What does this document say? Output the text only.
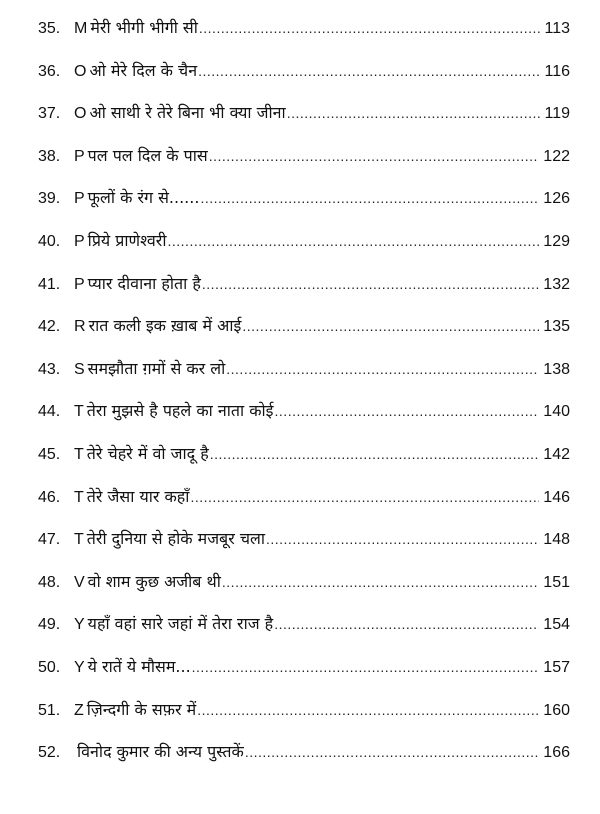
35. M मेरी भीगी भीगी सी .....	113
36. O ओ मेरे दिल के चैन .....	116
37. O ओ साथी रे तेरे बिना भी क्या जीना .....	119
38. P पल पल दिल के पास .....	122
39. P फूलों के रंग से...... .....	126
40. P प्रिये प्राणेश्वरी .....	129
41. P प्यार दीवाना होता है .....	132
42. R रात कली इक ख़ाब में आई .....	135
43. S समझौता ग़मों से कर लो .....	138
44. T तेरा मुझसे है पहले का नाता कोई .....	140
45. T तेरे चेहरे में वो जादू है .....	142
46. T तेरे जैसा यार कहाँ .....	146
47. T तेरी दुनिया से होके मजबूर चला .....	148
48. V वो शाम कुछ अजीब थी .....	151
49. Y यहाँ वहां सारे जहां में तेरा राज है .....	154
50. Y ये रातें ये मौसम... .....	157
51. Z ज़िन्दगी के सफ़र में .....	160
52.	विनोद कुमार की अन्य पुस्तकें .....	166
